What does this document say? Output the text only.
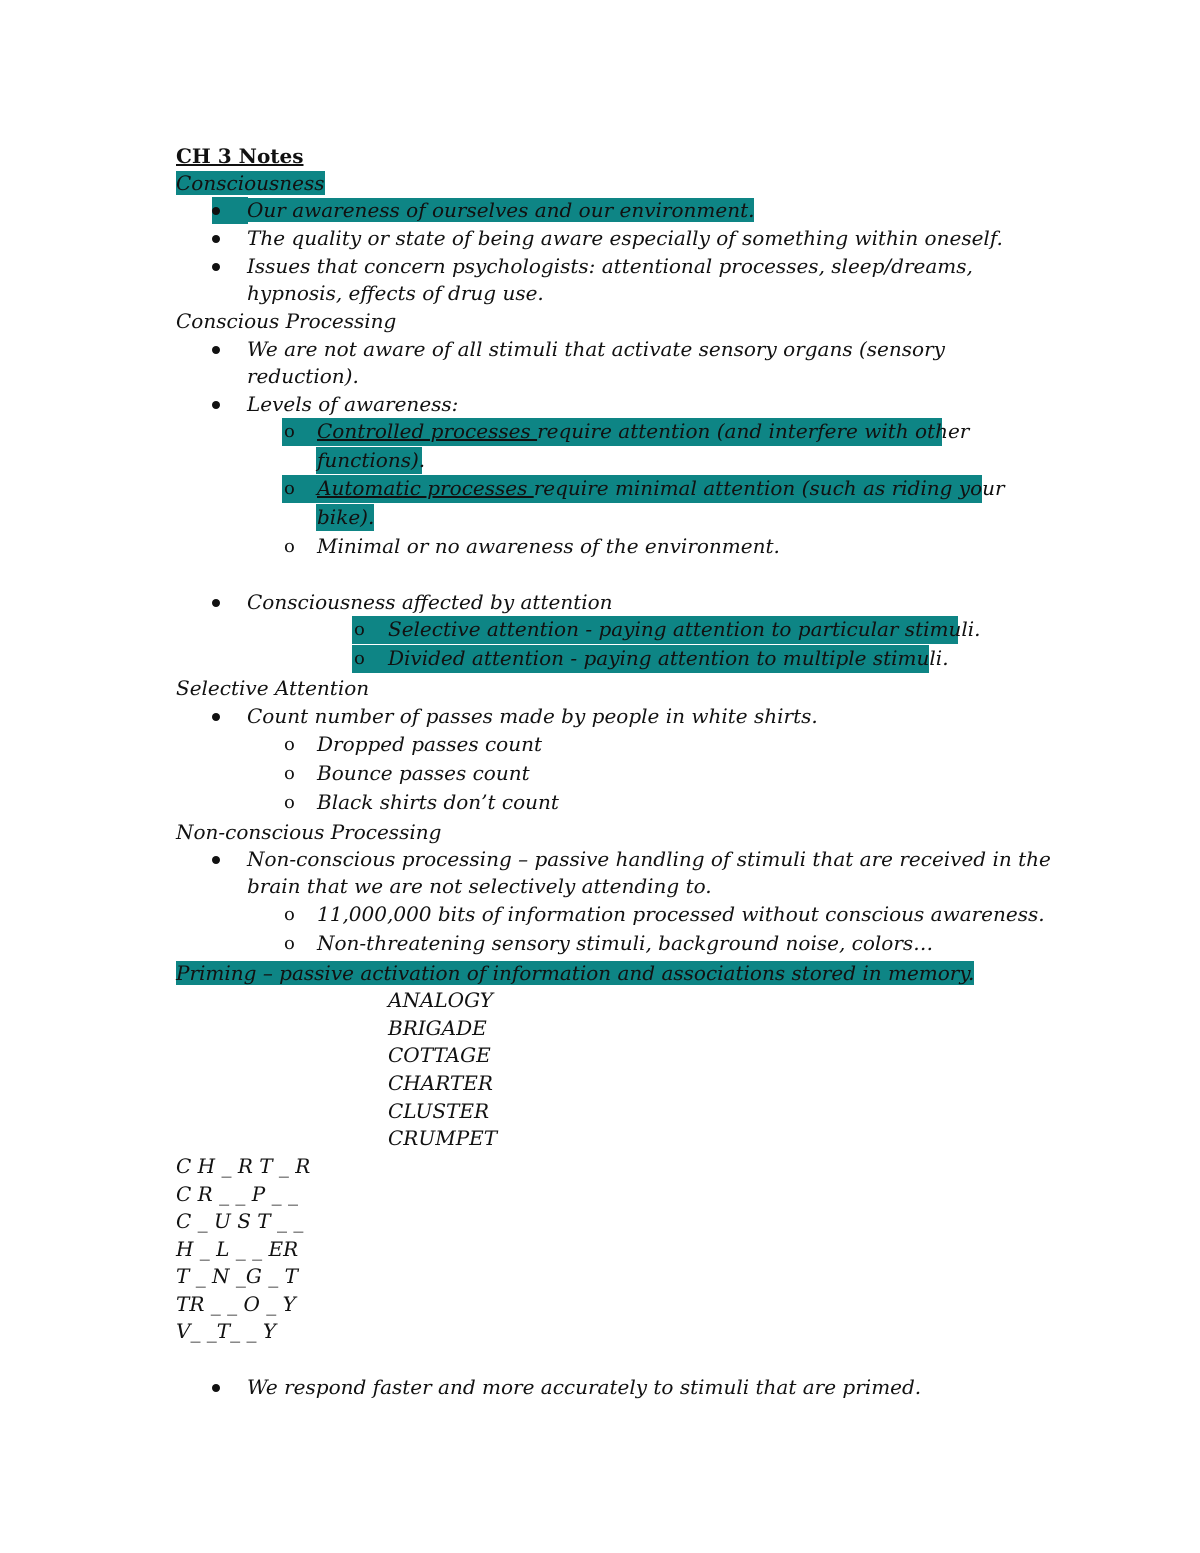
CH 3 Notes
Consciousness
Our awareness of ourselves and our environment.
The quality or state of being aware especially of something within oneself.
Issues that concern psychologists: attentional processes, sleep/dreams,
hypnosis, effects of drug use.
Conscious Processing
We are not aware of all stimuli that activate sensory organs (sensory
reduction).
Levels of awareness:
o Controlled processes require attention (and interfere with other
functions).
o Automatic processes require minimal attention (such as riding your
bike).
o Minimal or no awareness of the environment.
Consciousness affected by attention
o Selective attention - paying attention to particular stimuli.
o Divided attention - paying attention to multiple stimuli.
Selective Attention
Count number of passes made by people in white shirts.
o Dropped passes count
o Bounce passes count
o Black shirts don’t count
Non-conscious Processing
Non-conscious processing – passive handling of stimuli that are received in the
brain that we are not selectively attending to.
o 11,000,000 bits of information processed without conscious awareness.
o Non-threatening sensory stimuli, background noise, colors…
Priming – passive activation of information and associations stored in memory.
ANALOGY
BRIGADE
COTTAGE
CHARTER
CLUSTER
CRUMPET
C H _ R T _ R
C R _ _ P _ _
C _ U S T _ _
H _ L _ _ ER
T _ N _G _ T
TR _ _ O _ Y
V_ _T_ _ Y
We respond faster and more accurately to stimuli that are primed.
